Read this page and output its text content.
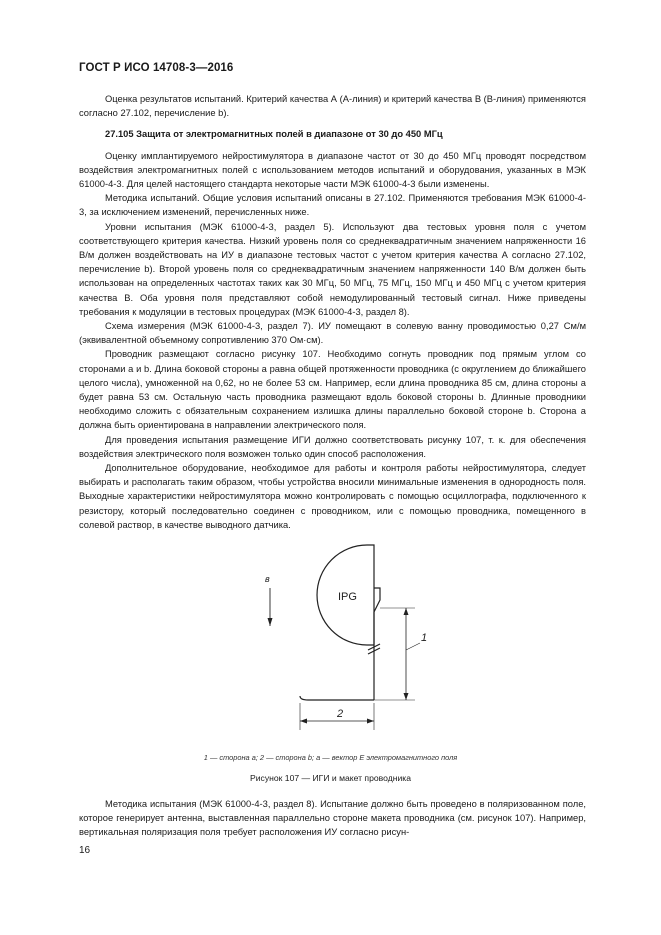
ГОСТ Р ИСО 14708-3—2016

Оценка результатов испытаний. Критерий качества А (А-линия) и критерий качества В (В-линия) применяются согласно 27.102, перечисление b).

27.105 Защита от электромагнитных полей в диапазоне от 30 до 450 МГц

Оценку имплантируемого нейростимулятора в диапазоне частот от 30 до 450 МГц проводят посредством воздействия электромагнитных полей с использованием методов испытаний и оборудования, указанных в МЭК 61000-4-3. Для целей настоящего стандарта некоторые части МЭК 61000-4-3 были изменены.

Методика испытаний. Общие условия испытаний описаны в 27.102. Применяются требования МЭК 61000-4-3, за исключением изменений, перечисленных ниже.

Уровни испытания (МЭК 61000-4-3, раздел 5). Используют два тестовых уровня поля с учетом соответствующего критерия качества. Низкий уровень поля со среднеквадратичным значением напряженности 16 В/м должен воздействовать на ИУ в диапазоне тестовых частот с учетом критерия качества А согласно 27.102, перечисление b). Второй уровень поля со среднеквадратичным значением напряженности 140 В/м должен быть использован на определенных частотах таких как 30 МГц, 50 МГц, 75 МГц, 150 МГц и 450 МГц с учетом критерия качества В. Оба уровня поля представляют собой немодулированный тестовый сигнал. Ниже приведены требования к модуляции в тестовых процедурах (МЭК 61000-4-3, раздел 8).

Схема измерения (МЭК 61000-4-3, раздел 7). ИУ помещают в солевую ванну проводимостью 0,27 См/м (эквивалентной объемному сопротивлению 370 Ом·см).

Проводник размещают согласно рисунку 107. Необходимо согнуть проводник под прямым углом со сторонами а и b. Длина боковой стороны а равна общей протяженности проводника (с округлением до ближайшего целого числа), умноженной на 0,62, но не более 53 см. Например, если длина проводника 85 см, длина стороны а будет равна 53 см. Остальную часть проводника размещают вдоль боковой стороны b. Длинные проводники необходимо сложить с обязательным сохранением излишка длины параллельно боковой стороне b. Сторона а должна быть ориентирована в направлении электрического поля.

Для проведения испытания размещение ИГИ должно соответствовать рисунку 107, т. к. для обеспечения воздействия электрического поля возможен только один способ расположения.

Дополнительное оборудование, необходимое для работы и контроля работы нейростимулятора, следует выбирать и располагать таким образом, чтобы устройства вносили минимальные изменения в однородность поля. Выходные характеристики нейростимулятора можно контролировать с помощью осциллографа, подключенного к резистору, который последовательно соединен с проводником, или с помощью проводника, помещенного в солевой раствор, в качестве выводного датчика.

IPG
в
1
2
1 — сторона а; 2 — сторона b; а — вектор Е электромагнитного поля
Рисунок 107 — ИГИ и макет проводника

Методика испытания (МЭК 61000-4-3, раздел 8). Испытание должно быть проведено в поляризованном поле, которое генерирует антенна, выставленная параллельно стороне макета проводника (см. рисунок 107). Например, вертикальная поляризация поля требует расположения ИУ согласно рисун-

16
